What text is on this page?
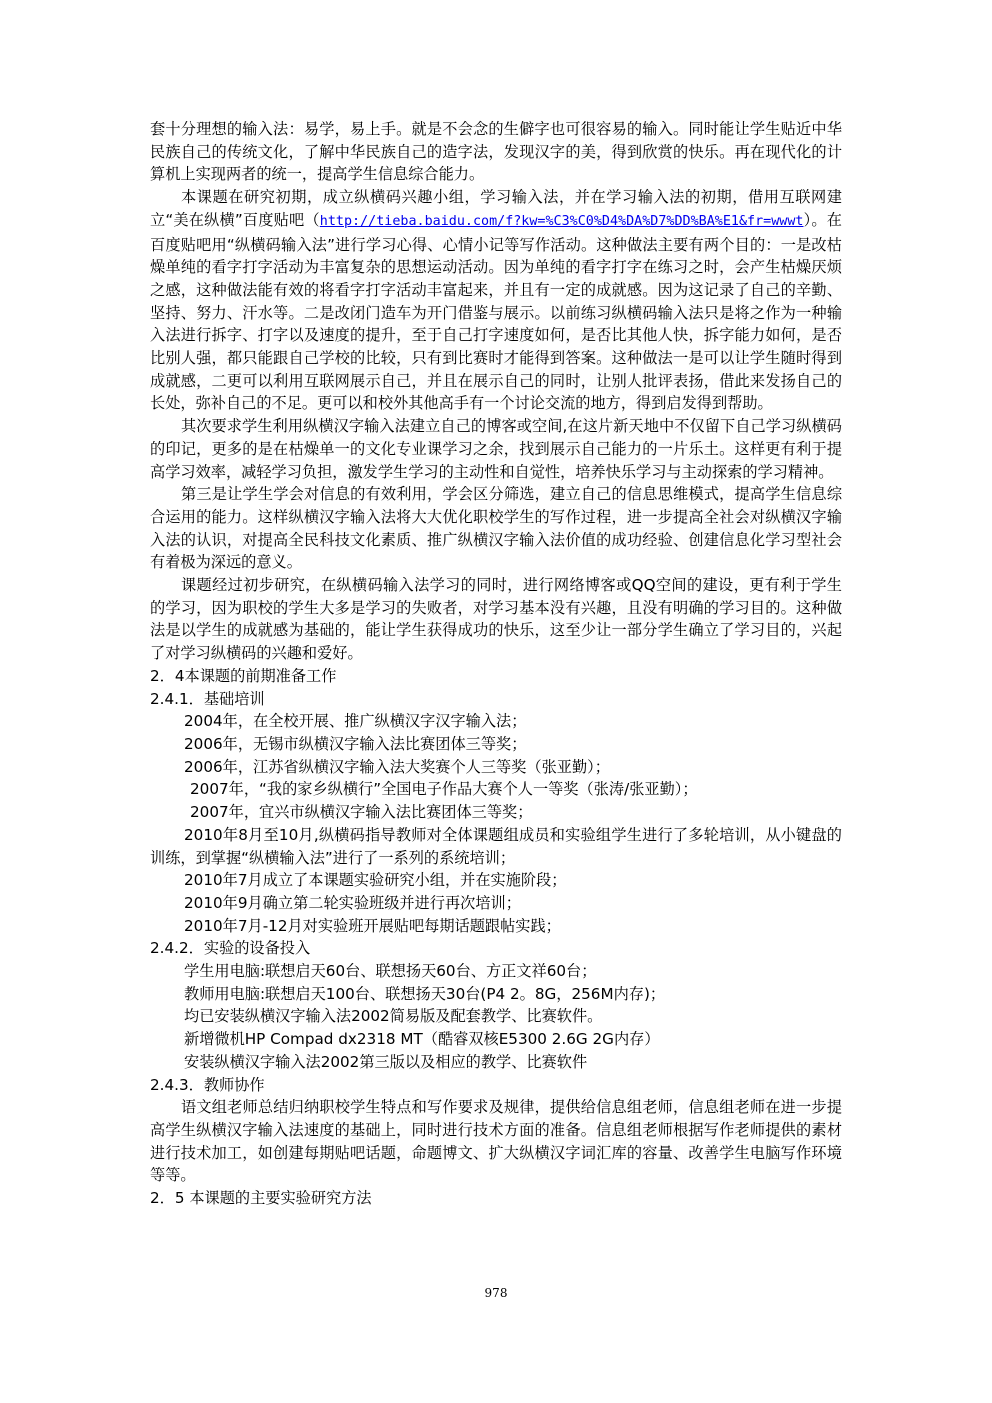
套十分理想的输入法：易学，易上手。就是不会念的生僻字也可很容易的输入。同时能让学生贴近中华民族自己的传统文化，了解中华民族自己的造字法，发现汉字的美，得到欣赏的快乐。再在现代化的计算机上实现两者的统一，提高学生信息综合能力。

本课题在研究初期，成立纵横码兴趣小组，学习输入法，并在学习输入法的初期，借用互联网建立“美在纵横”百度贴吧（http://tieba.baidu.com/f?kw=%C3%C0%D4%DA%D7%DD%BA%E1&fr=wwwt）。在百度贴吧用“纵横码输入法”进行学习心得、心情小记等写作活动。这种做法主要有两个目的：一是改枯燥单纯的看字打字活动为丰富复杂的思想运动活动。因为单纯的看字打字在练习之时，会产生枯燥厌烦之感，这种做法能有效的将看字打字活动丰富起来，并且有一定的成就感。因为这记录了自己的辛勤、坚持、努力、汗水等。二是改闭门造车为开门借鉴与展示。以前练习纵横码输入法只是将之作为一种输入法进行拆字、打字以及速度的提升，至于自己打字速度如何，是否比其他人快，拆字能力如何，是否比别人强，都只能跟自己学校的比较，只有到比赛时才能得到答案。这种做法一是可以让学生随时得到成就感，二更可以利用互联网展示自己，并且在展示自己的同时，让别人批评表扬，借此来发扬自己的长处，弥补自己的不足。更可以和校外其他高手有一个讨论交流的地方，得到启发得到帮助。

其次要求学生利用纵横汉字输入法建立自己的博客或空间,在这片新天地中不仅留下自己学习纵横码的印记，更多的是在枯燥单一的文化专业课学习之余，找到展示自己能力的一片乐土。这样更有利于提高学习效率，减轻学习负担，激发学生学习的主动性和自觉性，培养快乐学习与主动探索的学习精神。

第三是让学生学会对信息的有效利用，学会区分筛选，建立自己的信息思维模式，提高学生信息综合运用的能力。这样纵横汉字输入法将大大优化职校学生的写作过程，进一步提高全社会对纵横汉字输入法的认识，对提高全民科技文化素质、推广纵横汉字输入法价值的成功经验、创建信息化学习型社会有着极为深远的意义。

课题经过初步研究，在纵横码输入法学习的同时，进行网络博客或QQ空间的建设，更有利于学生的学习，因为职校的学生大多是学习的失败者，对学习基本没有兴趣，且没有明确的学习目的。这种做法是以学生的成就感为基础的，能让学生获得成功的快乐，这至少让一部分学生确立了学习目的，兴起了对学习纵横码的兴趣和爱好。

2．4本课题的前期准备工作

2.4.1．基础培训

2004年，在全校开展、推广纵横汉字汉字输入法；

2006年，无锡市纵横汉字输入法比赛团体三等奖；

2006年，江苏省纵横汉字输入法大奖赛个人三等奖（张亚勤）；

2007年，“我的家乡纵横行”全国电子作品大赛个人一等奖（张涛/张亚勤）；

2007年，宜兴市纵横汉字输入法比赛团体三等奖；

2010年8月至10月,纵横码指导教师对全体课题组成员和实验组学生进行了多轮培训，从小键盘的训练，到掌握“纵横输入法”进行了一系列的系统培训；

2010年7月成立了本课题实验研究小组，并在实施阶段；

2010年9月确立第二轮实验班级并进行再次培训；

2010年7月-12月对实验班开展贴吧每期话题跟帖实践；

2.4.2．实验的设备投入

学生用电脑:联想启天60台、联想扬天60台、方正文祥60台；

教师用电脑:联想启天100台、联想扬天30台(P4 2。8G，256M内存)；

均已安装纵横汉字输入法2002简易版及配套教学、比赛软件。

新增微机HP Compad dx2318 MT（酷睿双核E5300 2.6G 2G内存）

安装纵横汉字输入法2002第三版以及相应的教学、比赛软件

2.4.3．教师协作

语文组老师总结归纳职校学生特点和写作要求及规律，提供给信息组老师，信息组老师在进一步提高学生纵横汉字输入法速度的基础上，同时进行技术方面的准备。信息组老师根据写作老师提供的素材进行技术加工，如创建每期贴吧话题，命题博文、扩大纵横汉字词汇库的容量、改善学生电脑写作环境等等。

2．5 本课题的主要实验研究方法

978
